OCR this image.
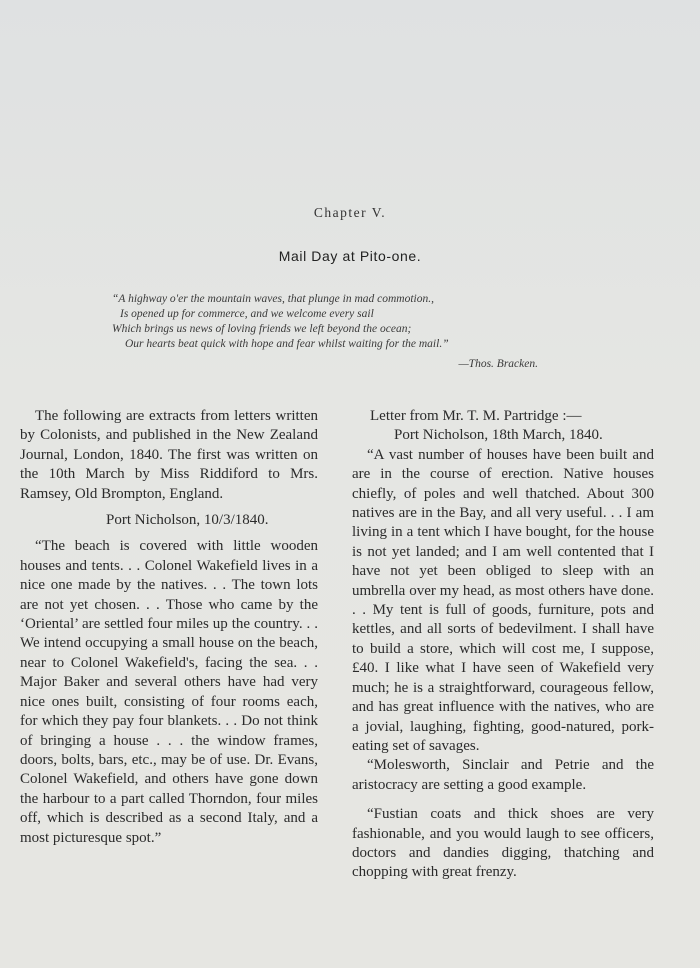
Chapter V.
Mail Day at Pito-one.
“A highway o'er the mountain waves, that plunge in mad commotion.,
Is opened up for commerce, and we welcome every sail
Which brings us news of loving friends we left beyond the ocean;
Our hearts beat quick with hope and fear whilst waiting for the mail.”
—Thos. Bracken.

The following are extracts from letters written by Colonists, and published in the New Zealand Journal, London, 1840. The first was written on the 10th March by Miss Riddiford to Mrs. Ramsey, Old Brompton, England.

Port Nicholson, 10/3/1840.

“The beach is covered with little wooden houses and tents. . . Colonel Wakefield lives in a nice one made by the natives. . . The town lots are not yet chosen. . . Those who came by the ‘Oriental’ are settled four miles up the country. . . We intend occupying a small house on the beach, near to Colonel Wakefield's, facing the sea. . . Major Baker and several others have had very nice ones built, consisting of four rooms each, for which they pay four blankets. . . Do not think of bringing a house . . . the window frames, doors, bolts, bars, etc., may be of use. Dr. Evans, Colonel Wakefield, and others have gone down the harbour to a part called Thorndon, four miles off, which is described as a second Italy, and a most picturesque spot.”

Letter from Mr. T. M. Partridge :—

Port Nicholson, 18th March, 1840.

“A vast number of houses have been built and are in the course of erection. Native houses chiefly, of poles and well thatched. About 300 natives are in the Bay, and all very useful. . . I am living in a tent which I have bought, for the house is not yet landed; and I am well contented that I have not yet been obliged to sleep with an umbrella over my head, as most others have done. . . My tent is full of goods, furniture, pots and kettles, and all sorts of bedevilment. I shall have to build a store, which will cost me, I suppose, £40. I like what I have seen of Wakefield very much; he is a straightforward, courageous fellow, and has great influence with the natives, who are a jovial, laughing, fighting, good-natured, pork-eating set of savages.

“Molesworth, Sinclair and Petrie and the aristocracy are setting a good example.

“Fustian coats and thick shoes are very fashionable, and you would laugh to see officers, doctors and dandies digging, thatching and chopping with great frenzy.
